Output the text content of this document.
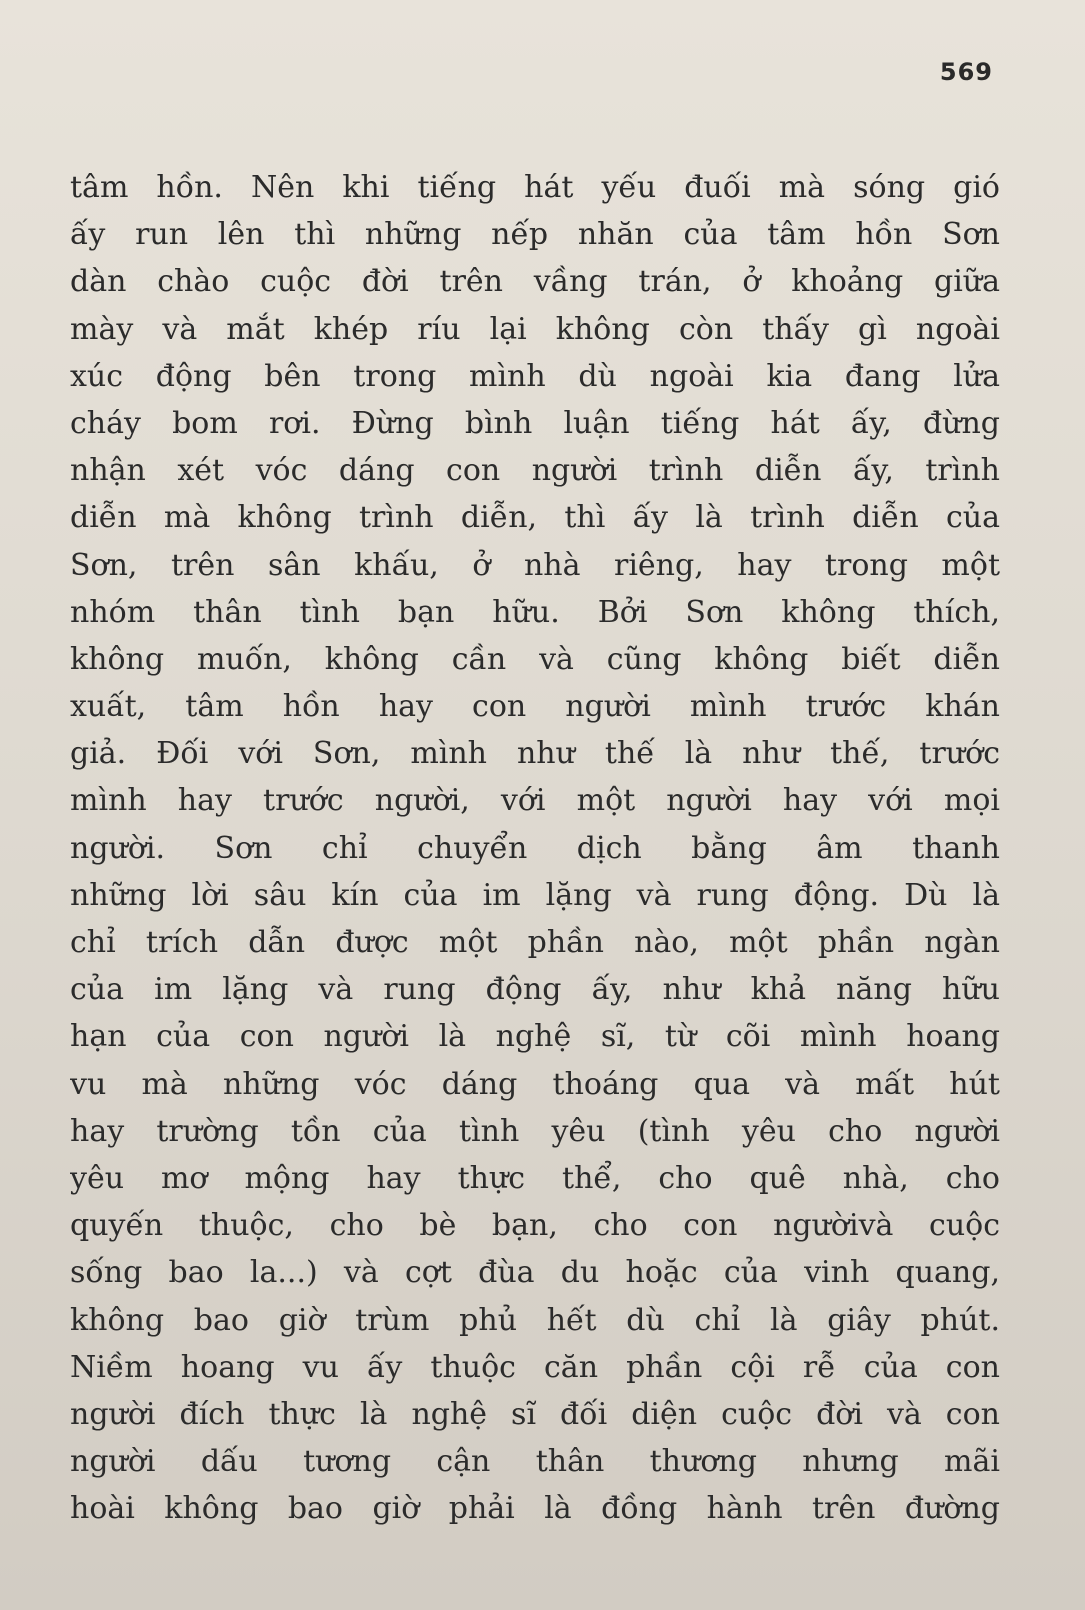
569
tâm hồn. Nên khi tiếng hát yếu đuối mà sóng gió
ấy run lên thì những nếp nhăn của tâm hồn Sơn
dàn chào cuộc đời trên vầng trán, ở khoảng giữa
mày và mắt khép ríu lại không còn thấy gì ngoài
xúc động bên trong mình dù ngoài kia đang lửa
cháy bom rơi. Đừng bình luận tiếng hát ấy, đừng
nhận xét vóc dáng con người trình diễn ấy, trình
diễn mà không trình diễn, thì ấy là trình diễn của
Sơn, trên sân khấu, ở nhà riêng, hay trong một
nhóm thân tình bạn hữu. Bởi Sơn không thích,
không muốn, không cần và cũng không biết diễn
xuất, tâm hồn hay con người mình trước khán
giả. Đối với Sơn, mình như thế là như thế, trước
mình hay trước người, với một người hay với mọi
người. Sơn chỉ chuyển dịch bằng âm thanh
những lời sâu kín của im lặng và rung động. Dù là
chỉ trích dẫn được một phần nào, một phần ngàn
của im lặng và rung động ấy, như khả năng hữu
hạn của con người là nghệ sĩ, từ cõi mình hoang
vu mà những vóc dáng thoáng qua và mất hút
hay trường tồn của tình yêu (tình yêu cho người
yêu mơ mộng hay thực thể, cho quê nhà, cho
quyến thuộc, cho bè bạn, cho con ngườivà cuộc
sống bao la...) và cợt đùa du hoặc của vinh quang,
không bao giờ trùm phủ hết dù chỉ là giây phút.
Niềm hoang vu ấy thuộc căn phần cội rễ của con
người đích thực là nghệ sĩ đối diện cuộc đời và con
người dấu tương cận thân thương nhưng mãi
hoài không bao giờ phải là đồng hành trên đường
